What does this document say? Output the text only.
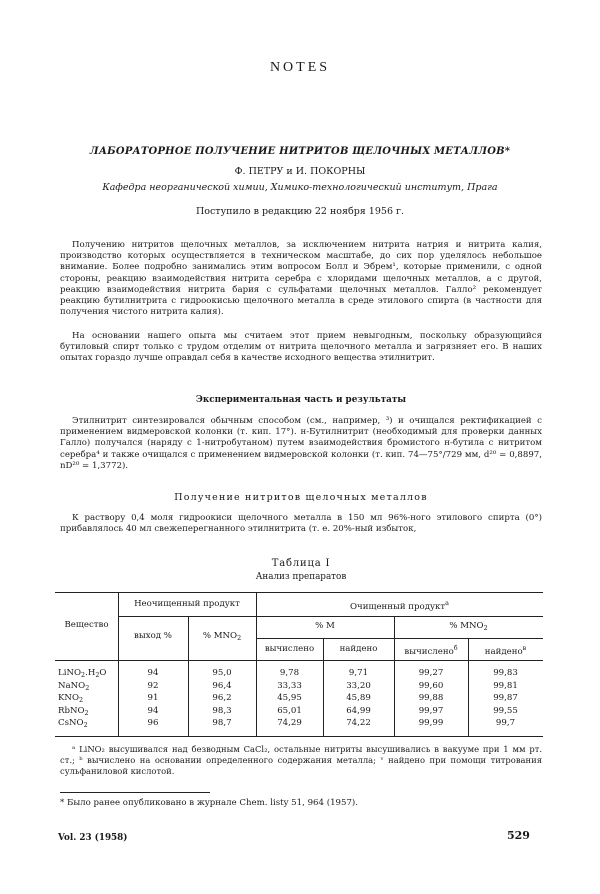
NOTES
ЛАБОРАТОРНОЕ ПОЛУЧЕНИЕ НИТРИТОВ ЩЕЛОЧНЫХ МЕТАЛЛОВ*
Ф. ПЕТРУ и И. ПОКОРНЫ
Кафедра неорганической химии, Химико-технологический институт, Прага
Поступило в редакцию 22 ноября 1956 г.
Получению нитритов щелочных металлов, за исключением нитрита натрия и нитрита калия, производство которых осуществляется в техническом масштабе, до сих пор уделялось небольшое внимание. Более подробно занимались этим вопросом Болл и Эбрем¹, которые применили, с одной стороны, реакцию взаимодействия нитрита серебра с хлоридами щелочных металлов, а с другой, реакцию взаимодействия нитрита бария с сульфатами щелочных металлов. Галло² рекомендует реакцию бутилнитрита с гидроокисью щелочного металла в среде этилового спирта (в частности для получения чистого нитрита калия).
На основании нашего опыта мы считаем этот прием невыгодным, поскольку образующийся бутиловый спирт только с трудом отделим от нитрита щелочного металла и загрязняет его. В наших опытах гораздо лучше оправдал себя в качестве исходного вещества этилнитрит.
Экспериментальная часть и результаты
Этилнитрит синтезировался обычным способом (см., например, ³) и очищался ректификацией с применением видмеровской колонки (т. кип. 17°). н-Бутилнитрит (необходимый для проверки данных Галло) получался (наряду с 1-нитробутаном) путем взаимодействия бромистого н-бутила с нитритом серебра⁴ и также очищался с применением видмеровской колонки (т. кип. 74—75°/729 мм, d²⁰ = 0,8897, nD²⁰ = 1,3772).
Получение нитритов щелочных металлов
К раствору 0,4 моля гидроокиси щелочного металла в 150 мл 96%-ного этилового спирта (0°) прибавлялось 40 мл свежеперегнанного этилнитрита (т. е. 20%-ный избыток,
Таблица I
Анализ препаратов
Вещество
Неочищенный продукт	Очищенный продукт$^a$
выход %	% $MNO_2$
% M	% $MNO_2$
вычислено	найдено	вычислено$^б$	найдено$^в$
$LiNO_2.H_2O$	94	95,0	9,78	9,71	99,27	99,83
NaNO$_2$	92	96,4	33,33	33,20	99,60	99,81
$KNO_2$	91	96,2	45,95	45,89	99,88	99,87
RbNO$_2$	94	98,3	65,01	64,99	99,97	99,55
CsNO$_2$	96	98,7	74,29	74,22	99,99	99,7
ᵃ LiNO₂ высушивался над безводным CaCl₂, остальные нитриты высушивались в вакууме при 1 мм рт. ст.; ᵇ вычислено на основании определенного содержания металла; ᵛ найдено при помощи титрования сульфаниловой кислотой.
* Было ранее опубликовано в журнале Chem. listy 51, 964 (1957).
Vol. 23 (1958)	529
